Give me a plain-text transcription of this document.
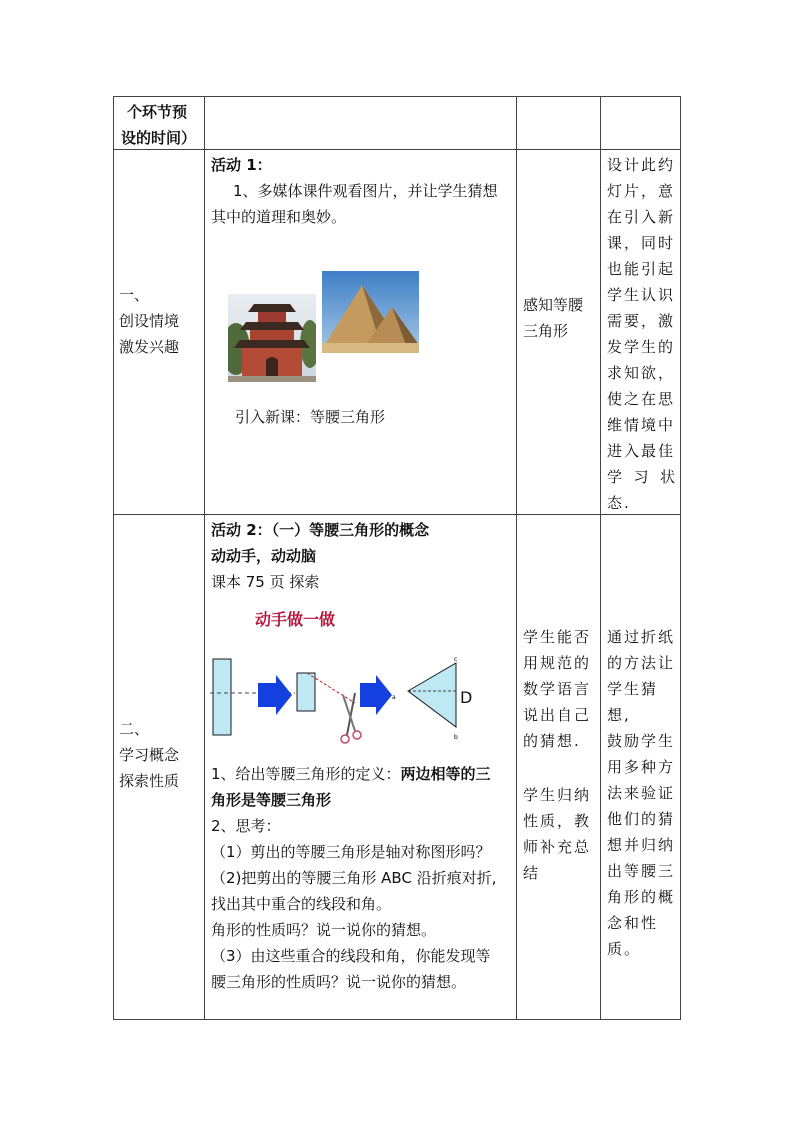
个环节预
设的时间）
一、
创设情境
激发兴趣
活动 1：
1、多媒体课件观看图片，并让学生猜想
其中的道理和奥妙。
引入新课：等腰三角形
感知等腰
三角形
设计此约
灯片，意
在引入新
课，同时
也能引起
学生认识
需要，激
发学生的
求知欲，
使之在思
维情境中
进入最佳
学习状态.
二、
学习概念
探索性质
活动 2：（一）等腰三角形的概念
动动手，动动脑
课本 75 页 探索
动手做一做
a
c
b
D
1、给出等腰三角形的定义：两边相等的三
角形是等腰三角形
2、思考：
（1）剪出的等腰三角形是轴对称图形吗？
（2)把剪出的等腰三角形 ABC 沿折痕对折,
找出其中重合的线段和角。
角形的性质吗？说一说你的猜想。
（3）由这些重合的线段和角，你能发现等
腰三角形的性质吗？说一说你的猜想。
学生能否
用规范的
数学语言
说出自己
的猜想.
学生归纳
性质，教
师补充总
结
通过折纸
的方法让
学生猜想,
鼓励学生
用多种方
法来验证
他们的猜
想并归纳
出等腰三
角形的概
念和性质。
